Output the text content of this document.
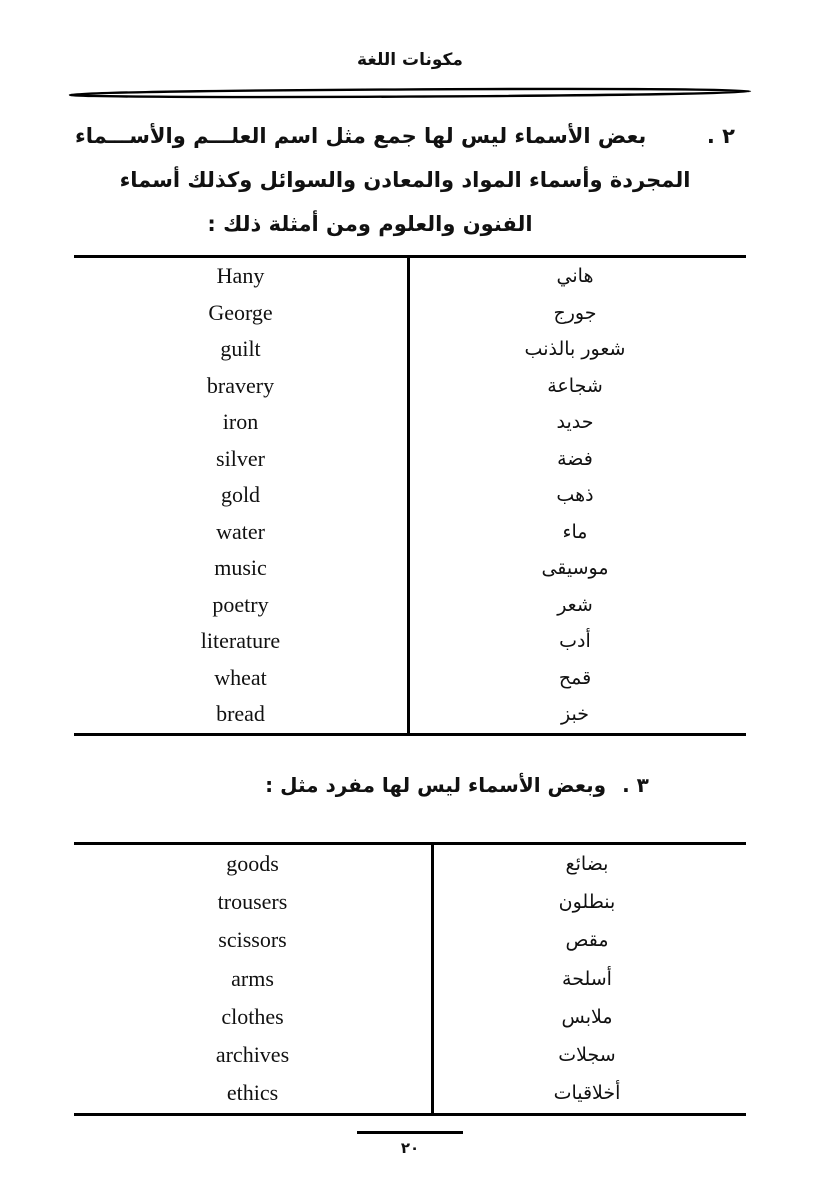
مكونات اللغة
٢ .
بعض الأسماء ليس لها جمع مثل اسم العلـــم والأســـماء
المجردة وأسماء المواد والمعادن والسوائل وكذلك أسماء
الفنون والعلوم ومن أمثلة ذلك :
Hany	هاني
George	جورج
guilt	شعور بالذنب
bravery	شجاعة
iron	حديد
silver	فضة
gold	ذهب
water	ماء
music	موسيقى
poetry	شعر
literature	أدب
wheat	قمح
bread	خبز
٣ .وبعض الأسماء ليس لها مفرد مثل :
goods	بضائع
trousers	بنطلون
scissors	مقص
arms	أسلحة
clothes	ملابس
archives	سجلات
ethics	أخلاقيات
٢٠
